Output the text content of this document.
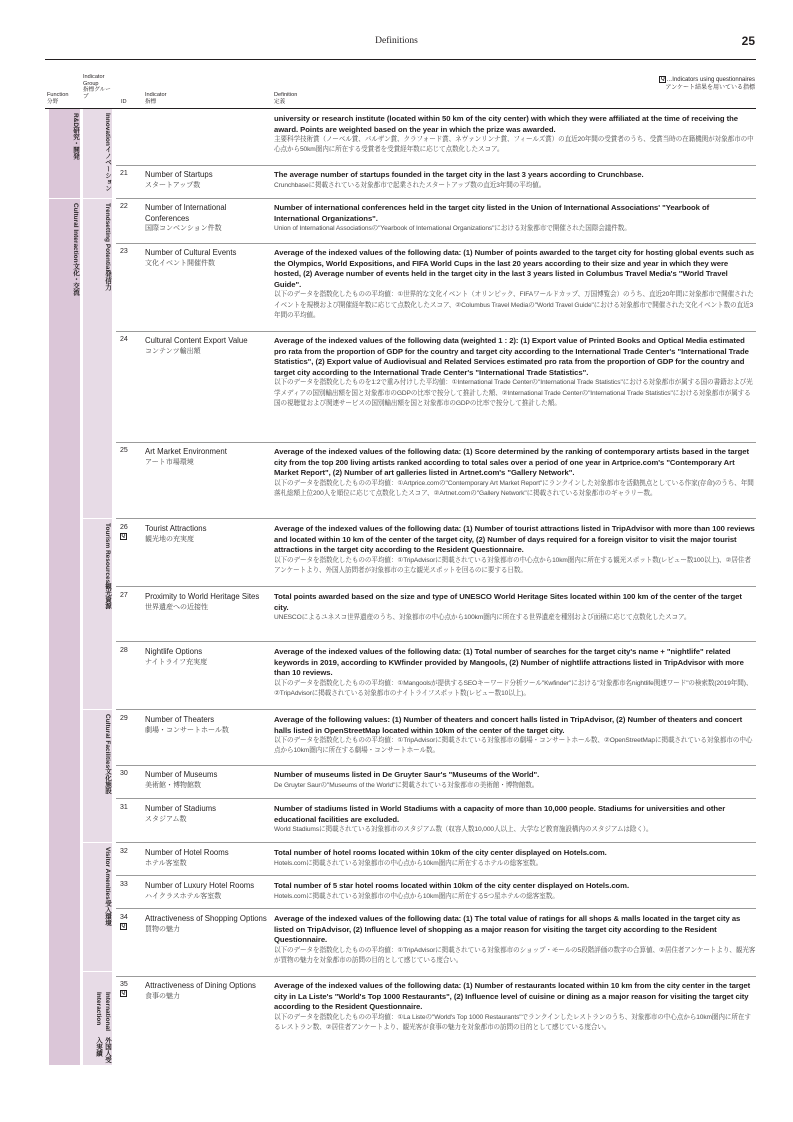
Definitions	25
Function
分野
Indicator Group
指標グループ
ID
Indicator
指標
Definition
定義
Q…Indicators using questionnaires
アンケート結果を用いている指標
R&D
研究・開発
Cultural Interaction
文化・交流
Innovation
イノベーション
Trendsetting Potential
発信力
Tourism Resources
観光資源
Cultural Facilities
文化施設
Visitor Amenities
受入環境
International Interaction
外国人受入実績

university or research institute (located within 50 km of the city center) with which they were affiliated at the time of receiving the award. Points are weighted based on the year in which the prize was awarded.

主要科学技術賞（ノーベル賞、パルザン賞、クラフォード賞、ネヴァンリンナ賞、フィールズ賞）の直近20年間の受賞者のうち、受賞当時の在籍機関が対象都市の中心点から50km圏内に所在する受賞者を受賞経年数に応じて点数化したスコア。

21 Number of Startups
スタートアップ数

The average number of startups founded in the target city in the last 3 years according to Crunchbase.

Crunchbaseに掲載されている対象都市で起業されたスタートアップ数の直近3年間の平均値。

22 Number of International Conferences
国際コンベンション件数

Number of international conferences held in the target city listed in the Union of International Associations' "Yearbook of International Organizations".

Union of International Associationsの"Yearbook of International Organizations"における対象都市で開催された国際会議件数。

23 Number of Cultural Events
文化イベント開催件数

Average of the indexed values of the following data: (1) Number of points awarded to the target city for hosting global events such as the Olympics, World Expositions, and FIFA World Cups in the last 20 years according to their size and year in which they were hosted, (2) Average number of events held in the target city in the last 3 years listed in Columbus Travel Media's "World Travel Guide".

以下のデータを指数化したものの平均値：①世界的な文化イベント（オリンピック、FIFAワールドカップ、万国博覧会）のうち、直近20年間に対象都市で開催されたイベントを規模および開催経年数に応じて点数化したスコア、②Columbus Travel Mediaの"World Travel Guide"における対象都市で開催された文化イベント数の直近3年間の平均値。

24 Cultural Content Export Value
コンテンツ輸出額

Average of the indexed values of the following data (weighted 1 : 2): (1) Export value of Printed Books and Optical Media estimated pro rata from the proportion of GDP for the country and target city according to the International Trade Center's "International Trade Statistics", (2) Export value of Audiovisual and Related Services estimated pro rata from the proportion of GDP for the country and target city according to the International Trade Center's "International Trade Statistics".

以下のデータを指数化したものを1:2で重み付けした平均値：①International Trade Centerの"International Trade Statistics"における対象都市が属する国の書籍および光学メディアの国別輸出額を国と対象都市のGDPの比率で按分して推計した額、②International Trade Centerの"International Trade Statistics"における対象都市が属する国の視聴覚および関連サービスの国別輸出額を国と対象都市のGDPの比率で按分して推計した額。

25 Art Market Environment
アート市場環境

Average of the indexed values of the following data: (1) Score determined by the ranking of contemporary artists based in the target city from the top 200 living artists ranked according to total sales over a period of one year in Artprice.com's "Contemporary Art Market Report", (2) Number of art galleries listed in Artnet.com's "Gallery Network".

以下のデータを指数化したものの平均値：①Artprice.comの"Contemporary Art Market Report"にランクインした対象都市を活動拠点としている作家(存命)のうち、年間落札総額上位200人を順位に応じて点数化したスコア、②Artnet.comの"Gallery Network"に掲載されている対象都市のギャラリー数。

26
Q Tourist Attractions
観光地の充実度

Average of the indexed values of the following data: (1) Number of tourist attractions listed in TripAdvisor with more than 100 reviews and located within 10 km of the center of the target city, (2) Number of days required for a foreign visitor to visit the major tourist attractions in the target city according to the Resident Questionnaire.

以下のデータを指数化したものの平均値：①TripAdvisorに掲載されている対象都市の中心点から10km圏内に所在する観光スポット数(レビュー数100以上)、②居住者アンケートより、外国人訪問者が対象都市の主な観光スポットを回るのに要する日数。

27 Proximity to World Heritage Sites
世界遺産への近接性

Total points awarded based on the size and type of UNESCO World Heritage Sites located within 100 km of the center of the target city.

UNESCOによるユネスコ世界遺産のうち、対象都市の中心点から100km圏内に所在する世界遺産を種別および面積に応じて点数化したスコア。

28 Nightlife Options
ナイトライフ充実度

Average of the indexed values of the following data: (1) Total number of searches for the target city's name + "nightlife" related keywords in 2019, according to KWfinder provided by Mangools, (2) Number of nightlife attractions listed in TripAdvisor with more than 10 reviews.

以下のデータを指数化したものの平均値：①Mangoolsが提供するSEOキーワード分析ツール"Kwfinder"における"対象都市名nightlife関連ワード"の検索数(2019年間)、②TripAdvisorに掲載されている対象都市のナイトライフスポット数(レビュー数10以上)。

29 Number of Theaters
劇場・コンサートホール数

Average of the following values: (1) Number of theaters and concert halls listed in TripAdvisor, (2) Number of theaters and concert halls listed in OpenStreetMap located within 10km of the center of the target city.

以下のデータを指数化したものの平均値：①TripAdvisorに掲載されている対象都市の劇場・コンサートホール数、②OpenStreetMapに掲載されている対象都市の中心点から10km圏内に所在する劇場・コンサートホール数。

30 Number of Museums
美術館・博物館数

Number of museums listed in De Gruyter Saur's "Museums of the World".

De Gruyter Saurの"Museums of the World"に掲載されている対象都市の美術館・博物館数。

31 Number of Stadiums
スタジアム数

Number of stadiums listed in World Stadiums with a capacity of more than 10,000 people. Stadiums for universities and other educational facilities are excluded.

World Stadiumsに掲載されている対象都市のスタジアム数（収容人数10,000人以上、大学など教育施設構内のスタジアムは除く）。

32 Number of Hotel Rooms
ホテル客室数

Total number of hotel rooms located within 10km of the city center displayed on Hotels.com.

Hotels.comに掲載されている対象都市の中心点から10km圏内に所在するホテルの総客室数。

33 Number of Luxury Hotel Rooms
ハイクラスホテル客室数

Total number of 5 star hotel rooms located within 10km of the city center displayed on Hotels.com.

Hotels.comに掲載されている対象都市の中心点から10km圏内に所在する5つ星ホテルの総客室数。

34
Q Attractiveness of Shopping Options
買物の魅力

Average of the indexed values of the following data: (1) The total value of ratings for all shops & malls located in the target city as listed on TripAdvisor, (2) Influence level of shopping as a major reason for visiting the target city according to the Resident Questionnaire.

以下のデータを指数化したものの平均値：①TripAdvisorに掲載されている対象都市のショップ・モールの5段階評価の数字の合算値、②居住者アンケートより、観光客が買物の魅力を対象都市の訪問の目的として感じている度合い。

35
Q Attractiveness of Dining Options
食事の魅力

Average of the indexed values of the following data: (1) Number of restaurants located within 10 km from the city center in the target city in La Liste's "World's Top 1000 Restaurants", (2) Influence level of cuisine or dining as a major reason for visiting the target city according to the Resident Questionnaire.

以下のデータを指数化したものの平均値：①La Listeの"World's Top 1000 Restaurants"でランクインしたレストランのうち、対象都市の中心点から10km圏内に所在するレストラン数、②居住者アンケートより、観光客が食事の魅力を対象都市の訪問の目的として感じている度合い。
